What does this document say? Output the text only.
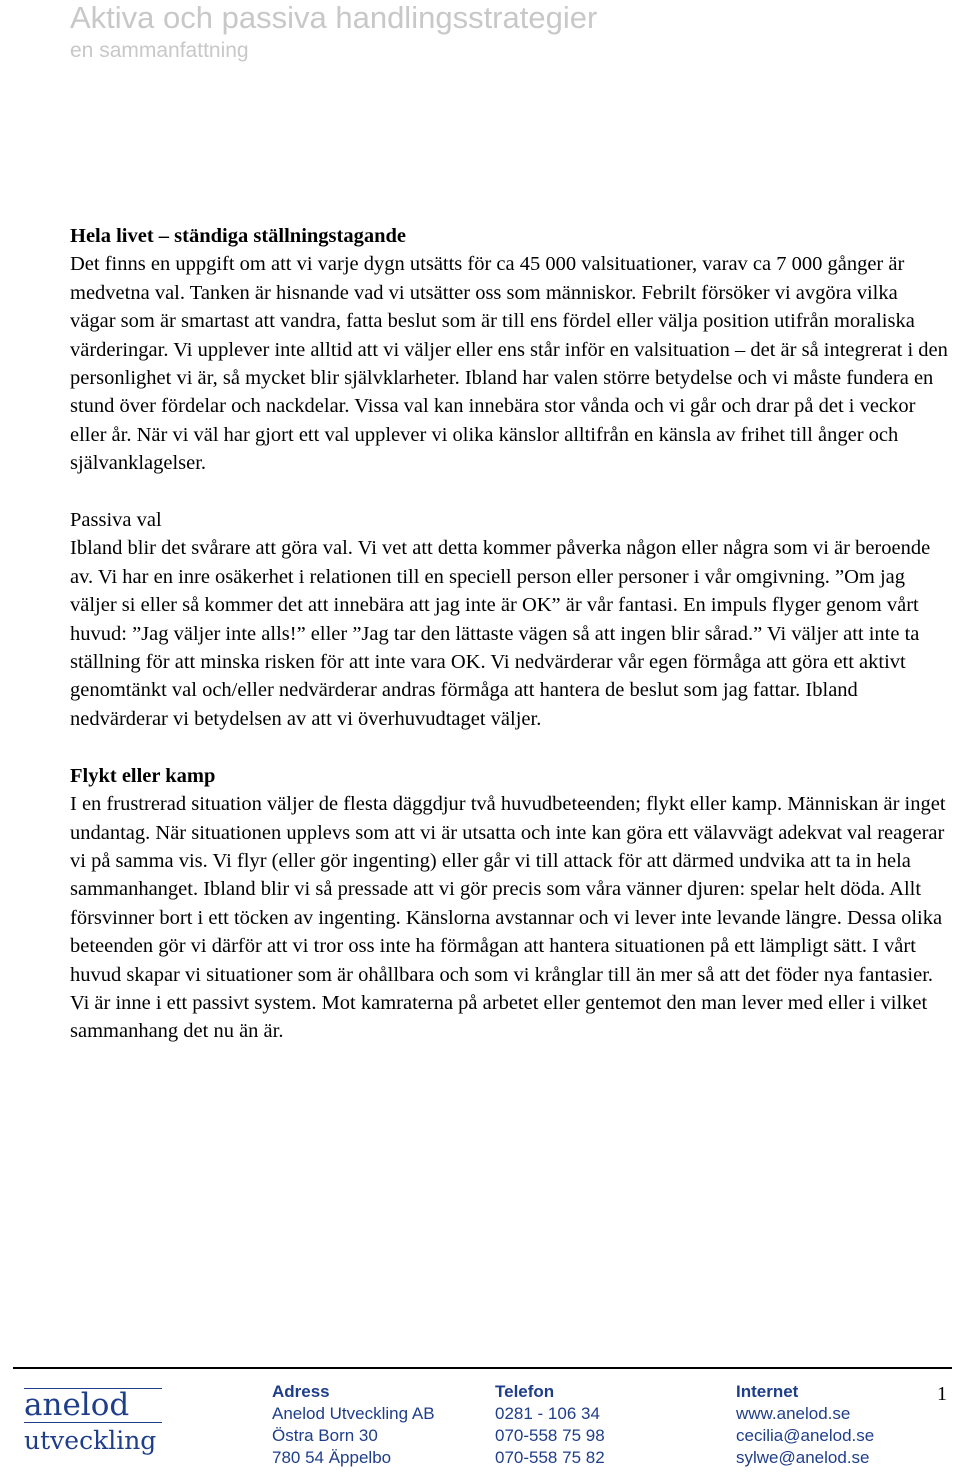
Aktiva och passiva handlingsstrategier
en sammanfattning
Hela livet – ständiga ställningstagande

Det finns en uppgift om att vi varje dygn utsätts för ca 45 000 valsituationer, varav ca 7 000 gånger är medvetna val. Tanken är hisnande vad vi utsätter oss som människor. Febrilt försöker vi avgöra vilka vägar som är smartast att vandra, fatta beslut som är till ens fördel eller välja position utifrån moraliska värderingar. Vi upplever inte alltid att vi väljer eller ens står inför en valsituation – det är så integrerat i den personlighet vi är, så mycket blir självklarheter. Ibland har valen större betydelse och vi måste fundera en stund över fördelar och nackdelar. Vissa val kan innebära stor vånda och vi går och drar på det i veckor eller år. När vi väl har gjort ett val upplever vi olika känslor alltifrån en känsla av frihet till ånger och självanklagelser.

Passiva val

Ibland blir det svårare att göra val. Vi vet att detta kommer påverka någon eller några som vi är beroende av. Vi har en inre osäkerhet i relationen till en speciell person eller personer i vår omgivning. ”Om jag väljer si eller så kommer det att innebära att jag inte är OK” är vår fantasi. En impuls flyger genom vårt huvud: ”Jag väljer inte alls!” eller ”Jag tar den lättaste vägen så att ingen blir sårad.” Vi väljer att inte ta ställning för att minska risken för att inte vara OK. Vi nedvärderar vår egen förmåga att göra ett aktivt genomtänkt val och/eller nedvärderar andras förmåga att hantera de beslut som jag fattar. Ibland nedvärderar vi betydelsen av att vi överhuvudtaget väljer.

Flykt eller kamp

I en frustrerad situation väljer de flesta däggdjur två huvudbeteenden; flykt eller kamp. Människan är inget undantag. När situationen upplevs som att vi är utsatta och inte kan göra ett välavvägt adekvat val reagerar vi på samma vis. Vi flyr (eller gör ingenting) eller går vi till attack för att därmed undvika att ta in hela sammanhanget. Ibland blir vi så pressade att vi gör precis som våra vänner djuren: spelar helt döda. Allt försvinner bort i ett töcken av ingenting. Känslorna avstannar och vi lever inte levande längre. Dessa olika beteenden gör vi därför att vi tror oss inte ha förmågan att hantera situationen på ett lämpligt sätt. I vårt huvud skapar vi situationer som är ohållbara och som vi krånglar till än mer så att det föder nya fantasier. Vi är inne i ett passivt system. Mot kamraterna på arbetet eller gentemot den man lever med eller i vilket sammanhang det nu än är.

1
anelod
utveckling
Adress
Anelod Utveckling AB
Östra Born 30
780 54 Äppelbo
Telefon
0281 - 106 34
070-558 75 98
070-558 75 82
Internet
www.anelod.se
cecilia@anelod.se
sylwe@anelod.se
